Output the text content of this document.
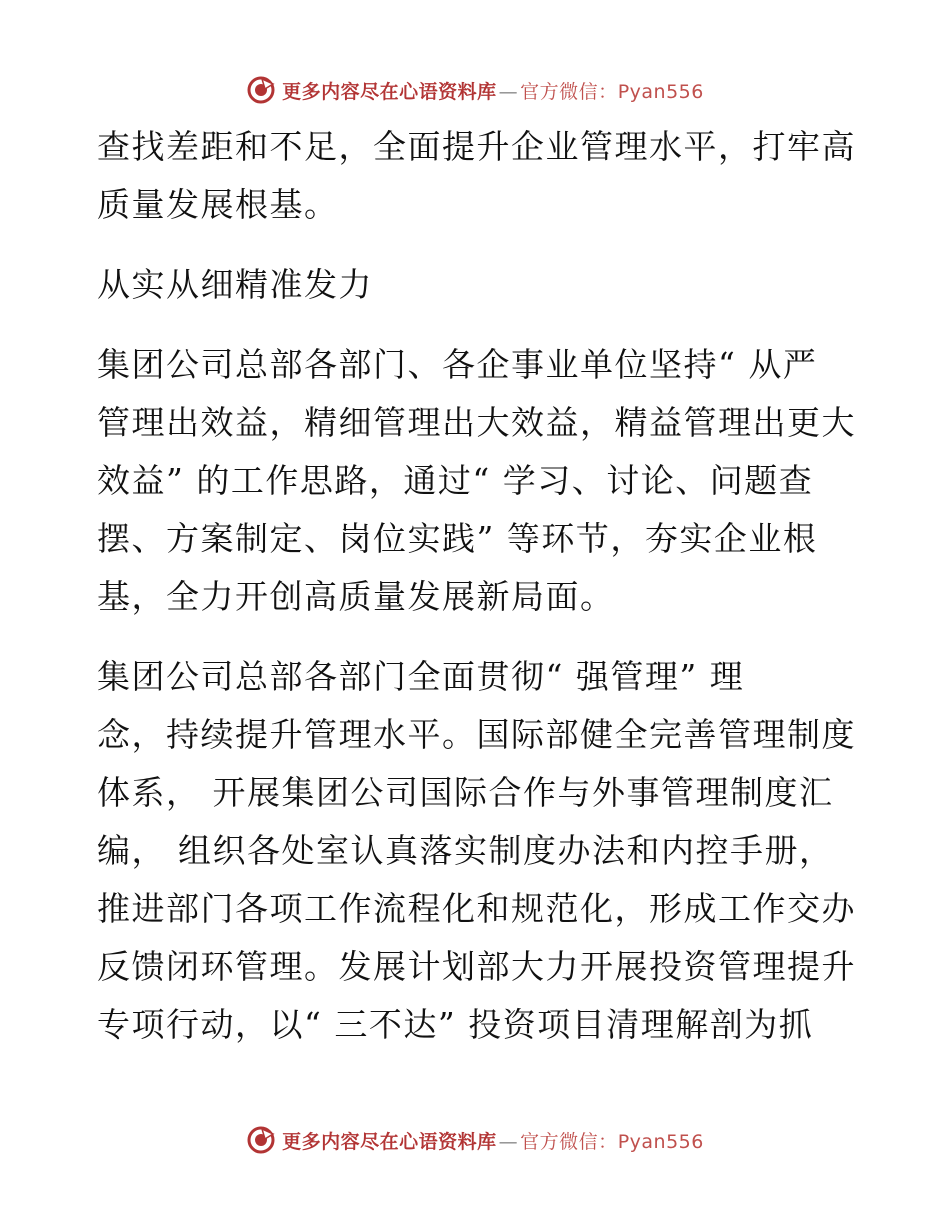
更多内容尽在心语资料库 — 官方微信：Pyan556
查找差距和不足，全面提升企业管理水平，打牢高
质量发展根基。
从实从细精准发力
集团公司总部各部门、各企事业单位坚持“ 从严
管理出效益，精细管理出大效益，精益管理出更大
效益” 的工作思路，通过“ 学习、讨论、问题查
摆、方案制定、岗位实践” 等环节，夯实企业根
基，全力开创高质量发展新局面。
集团公司总部各部门全面贯彻“ 强管理” 理
念，持续提升管理水平。国际部健全完善管理制度
体系， 开展集团公司国际合作与外事管理制度汇
编， 组织各处室认真落实制度办法和内控手册，
推进部门各项工作流程化和规范化，形成工作交办
反馈闭环管理。发展计划部大力开展投资管理提升
专项行动，以“ 三不达” 投资项目清理解剖为抓
更多内容尽在心语资料库 — 官方微信：Pyan556
